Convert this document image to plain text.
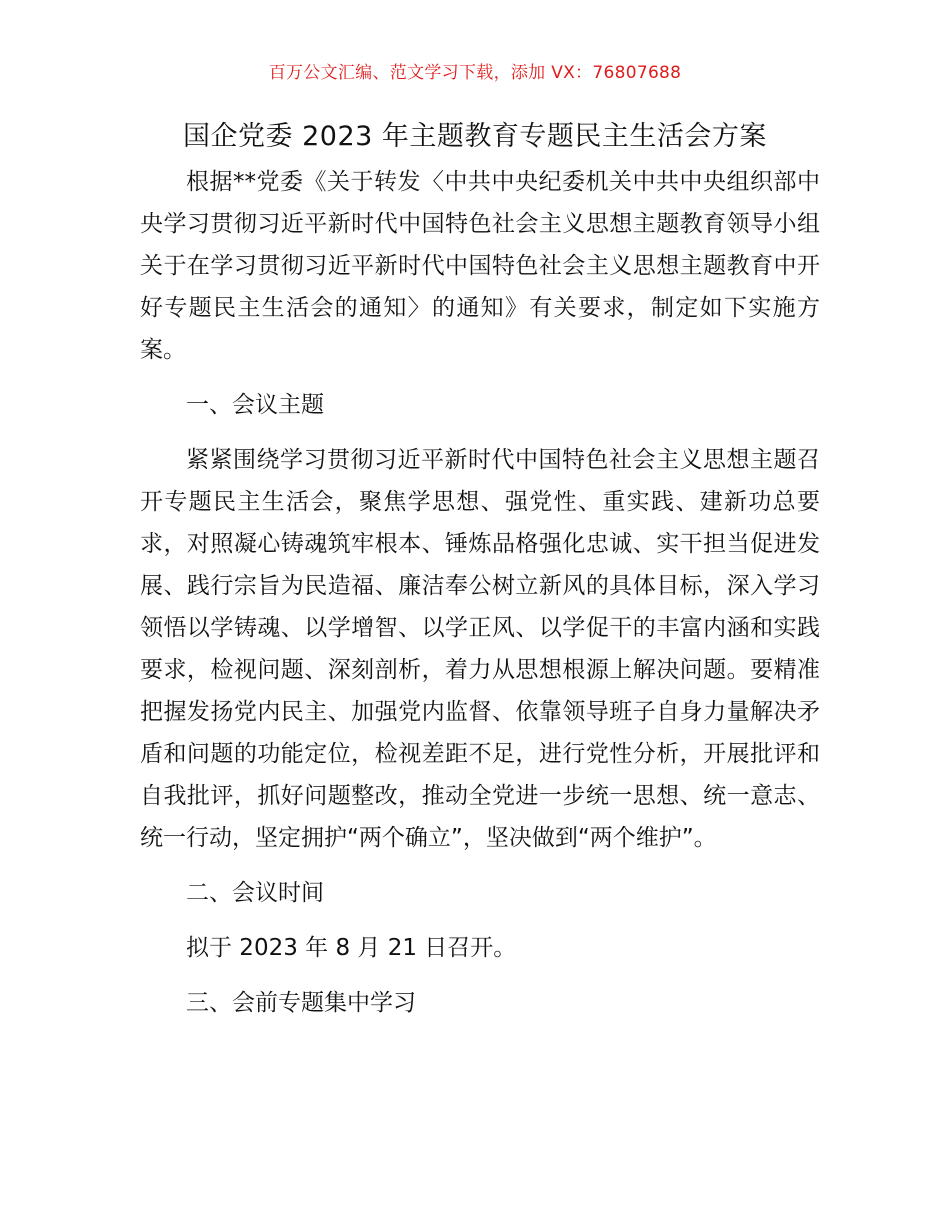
百万公文汇编、范文学习下载，添加 VX：76807688
国企党委 2023 年主题教育专题民主生活会方案

根据**党委《关于转发〈中共中央纪委机关中共中央组织部中央学习贯彻习近平新时代中国特色社会主义思想主题教育领导小组关于在学习贯彻习近平新时代中国特色社会主义思想主题教育中开好专题民主生活会的通知〉的通知》有关要求，制定如下实施方案。

一、会议主题

紧紧围绕学习贯彻习近平新时代中国特色社会主义思想主题召开专题民主生活会，聚焦学思想、强党性、重实践、建新功总要求，对照凝心铸魂筑牢根本、锤炼品格强化忠诚、实干担当促进发展、践行宗旨为民造福、廉洁奉公树立新风的具体目标，深入学习领悟以学铸魂、以学增智、以学正风、以学促干的丰富内涵和实践要求，检视问题、深刻剖析，着力从思想根源上解决问题。要精准把握发扬党内民主、加强党内监督、依靠领导班子自身力量解决矛盾和问题的功能定位，检视差距不足，进行党性分析，开展批评和自我批评，抓好问题整改，推动全党进一步统一思想、统一意志、统一行动，坚定拥护“两个确立”，坚决做到“两个维护”。

二、会议时间

拟于 2023 年 8 月 21 日召开。

三、会前专题集中学习
